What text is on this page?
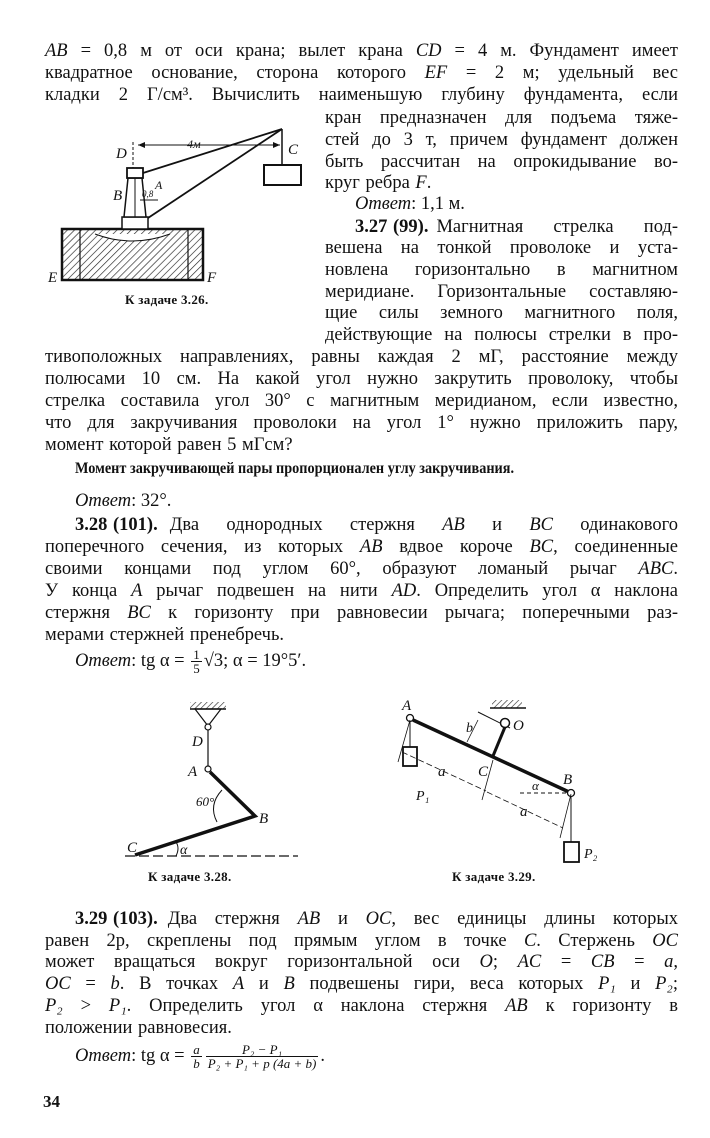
AB = 0,8 м от оси крана; вылет крана CD = 4 м. Фундамент имеет
квадратное основание, сторона которого EF = 2 м; удельный вес
кладки 2 Г/см³. Вычислить наименьшую глубину фундамента, если
кран предназначен для подъема тяже-
стей до 3 т, причем фундамент должен
быть рассчитан на опрокидывание во-
круг ребра F.
Ответ: 1,1 м.
3.27 (99). Магнитная стрелка под-
вешена на тонкой проволоке и уста-
новлена горизонтально в магнитном
меридиане. Горизонтальные составляю-
щие силы земного магнитного поля,
действующие на полюсы стрелки в про-
тивоположных направлениях, равны каждая 2 мГ, расстояние между
полюсами 10 см. На какой угол нужно закрутить проволоку, чтобы
стрелка составила угол 30° с магнитным меридианом, если известно,
что для закручивания проволоки на угол 1° нужно приложить пару,
момент которой равен 5 мГсм?
Момент закручивающей пары пропорционален углу закручивания.
Ответ: 32°.
3.28 (101). Два однородных стержня AB и BC одинакового
поперечного сечения, из которых AB вдвое короче BC, соединенные
своими концами под углом 60°, образуют ломаный рычаг ABC.
У конца A рычаг подвешен на нити AD. Определить угол α наклона
стержня BC к горизонту при равновесии рычага; поперечными раз-
мерами стержней пренебречь.
Ответ: tg $\alpha = \frac{1}{5} √3$; α = 19°5′.
D	C
B
A
4м
0,8
E	F
К задаче 3.26.
D
A
60°
B
C	α
К задаче 3.28.
A
b	O
C
a
α B
a
P₁
P₂
К задаче 3.29.
3.29 (103). Два стержня AB и OC, вес единицы длины которых
равен 2p, скреплены под прямым углом в точке C. Стержень OC
может вращаться вокруг горизонтальной оси O; AC = CB = a,
OC = b. В точках A и B подвешены гири, веса которых P₁ и P₂;
P₂ > P₁. Определить угол α наклона стержня AB к горизонту в
положении равновесия.
Ответ: tg $\alpha = \frac{a}{b} \frac{\text{P₂ − P₁}}{\text{P₂ + P₁ + p (4a + b)}}$ .
34
